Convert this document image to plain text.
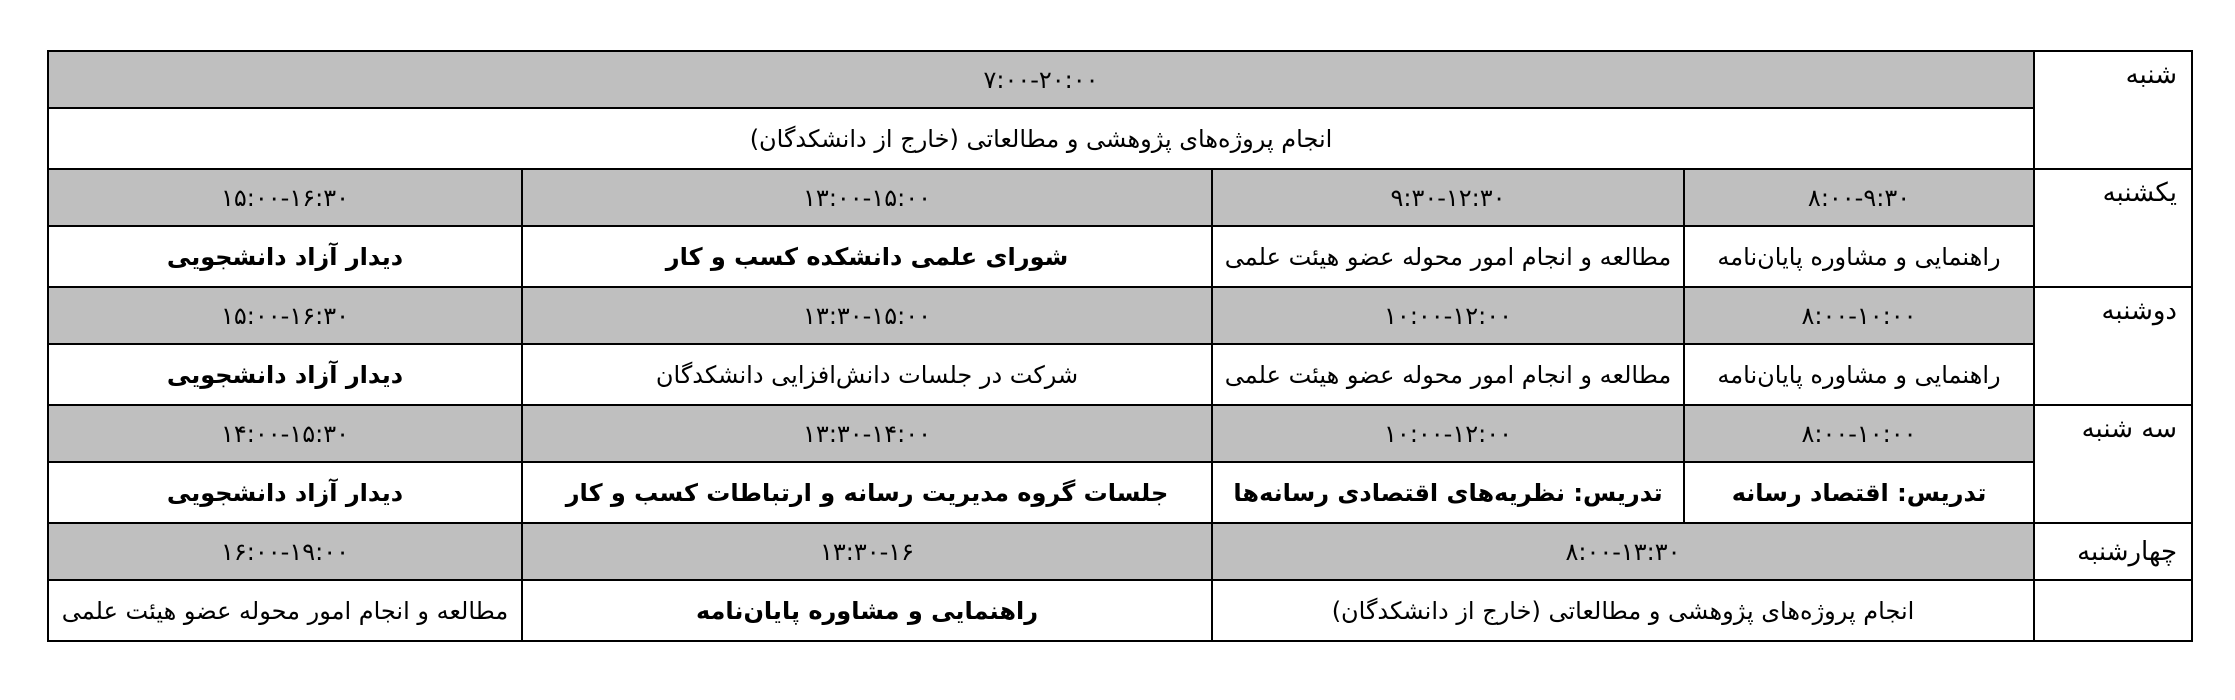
شنبه	۷:۰۰-۲۰:۰۰			
	انجام پروژه‌های پژوهشی و مطالعاتی (خارج از دانشکدگان)			
یکشنبه	۸:۰۰-۹:۳۰	۹:۳۰-۱۲:۳۰	۱۳:۰۰-۱۵:۰۰	۱۵:۰۰-۱۶:۳۰
	راهنمایی و مشاوره پایان‌نامه	مطالعه و انجام امور محوله عضو هیئت علمی	شورای علمی دانشکده کسب و کار	دیدار آزاد دانشجویی
دوشنبه	۸:۰۰-۱۰:۰۰	۱۰:۰۰-۱۲:۰۰	۱۳:۳۰-۱۵:۰۰	۱۵:۰۰-۱۶:۳۰
	راهنمایی و مشاوره پایان‌نامه	مطالعه و انجام امور محوله عضو هیئت علمی	شرکت در جلسات دانش‌افزایی دانشکدگان	دیدار آزاد دانشجویی
سه شنبه	۸:۰۰-۱۰:۰۰	۱۰:۰۰-۱۲:۰۰	۱۳:۳۰-۱۴:۰۰	۱۴:۰۰-۱۵:۳۰
	تدریس: اقتصاد رسانه	تدریس: نظریه‌های اقتصادی رسانه‌ها	جلسات گروه مدیریت رسانه و ارتباطات کسب و کار	دیدار آزاد دانشجویی
چهارشنبه	۸:۰۰-۱۳:۳۰		۱۳:۳۰-۱۶	۱۶:۰۰-۱۹:۰۰
	انجام پروژه‌های پژوهشی و مطالعاتی (خارج از دانشکدگان)		راهنمایی و مشاوره پایان‌نامه	مطالعه و انجام امور محوله عضو هیئت علمی
